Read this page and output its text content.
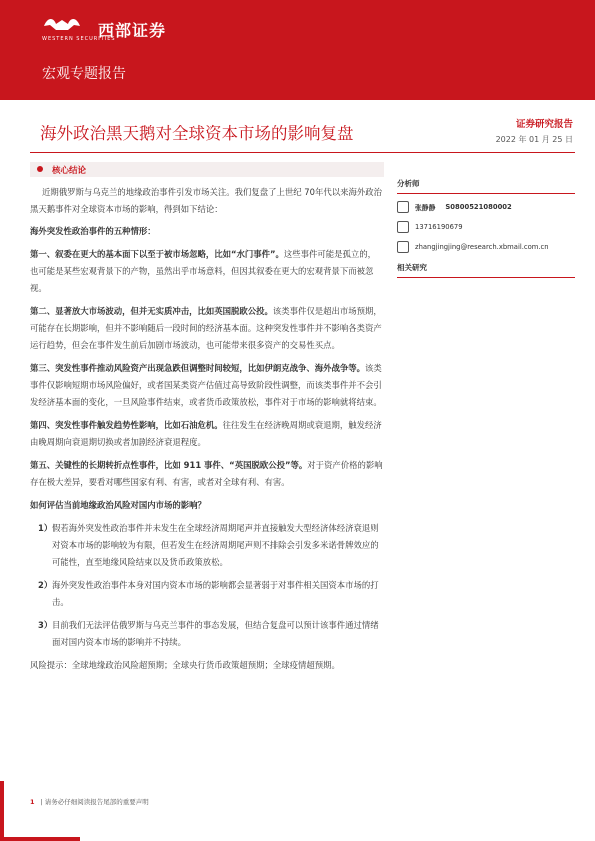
WESTERN SECURITIES
西部证券
宏观专题报告
海外政治黑天鹅对全球资本市场的影响复盘	证券研究报告
2022 年 01 月 25 日
核心结论

近期俄罗斯与乌克兰的地缘政治事件引发市场关注。我们复盘了上世纪 70年代以来海外政治黑天鹅事件对全球资本市场的影响，得到如下结论：

海外突发性政治事件的五种情形：

第一、叙委在更大的基本面下以至于被市场忽略，比如“水门事件”。这些事件可能是孤立的，也可能是某些宏观背景下的产物，虽然出乎市场意料，但因其叙委在更大的宏观背景下而被忽视。

第二、显著放大市场波动，但并无实质冲击，比如英国脱欧公投。该类事件仅是超出市场预期，可能存在长期影响，但并不影响随后一段时间的经济基本面。这种突发性事件并不影响各类资产运行趋势，但会在事件发生前后加剧市场波动，也可能带来很多资产的交易性买点。

第三、突发性事件推动风险资产出现急跌但调整时间较短，比如伊朗克战争、海外战争等。该类事件仅影响短期市场风险偏好，或者国某类资产估值过高导致阶段性调整，而该类事件并不会引发经济基本面的变化，一旦风险事件结束，或者货币政策放松，事件对于市场的影响就将结束。

第四、突发性事件触发趋势性影响，比如石油危机。往往发生在经济晚周期或衰退期，触发经济由晚周期向衰退期切换或者加剧经济衰退程度。

第五、关键性的长期转折点性事件，比如 911 事件、“英国脱欧公投”等。对于资产价格的影响存在极大差异，要看对哪些国家有利、有害，或者对全球有利、有害。

如何评估当前地缘政治风险对国内市场的影响？

1） 假若海外突发性政治事件并未发生在全球经济周期尾声并直接触发大型经济体经济衰退则对资本市场的影响较为有限，但若发生在经济周期尾声则不排除会引发多米诺骨牌效应的可能性，直至地缘风险结束以及货币政策放松。
2） 海外突发性政治事件本身对国内资本市场的影响都会显著弱于对事件相关国资本市场的打击。
3） 目前我们无法评估俄罗斯与乌克兰事件的事态发展，但结合复盘可以预计该事件通过情绪面对国内资本市场的影响并不持续。

风险提示：全球地缘政治风险超预期；全球央行货币政策超预期；全球疫情超预期。

分析师
张静静 S0800521080002
13716190679
zhangjingjing@research.xbmail.com.cn
相关研究
1 | 请务必仔细阅读报告尾部的重要声明
